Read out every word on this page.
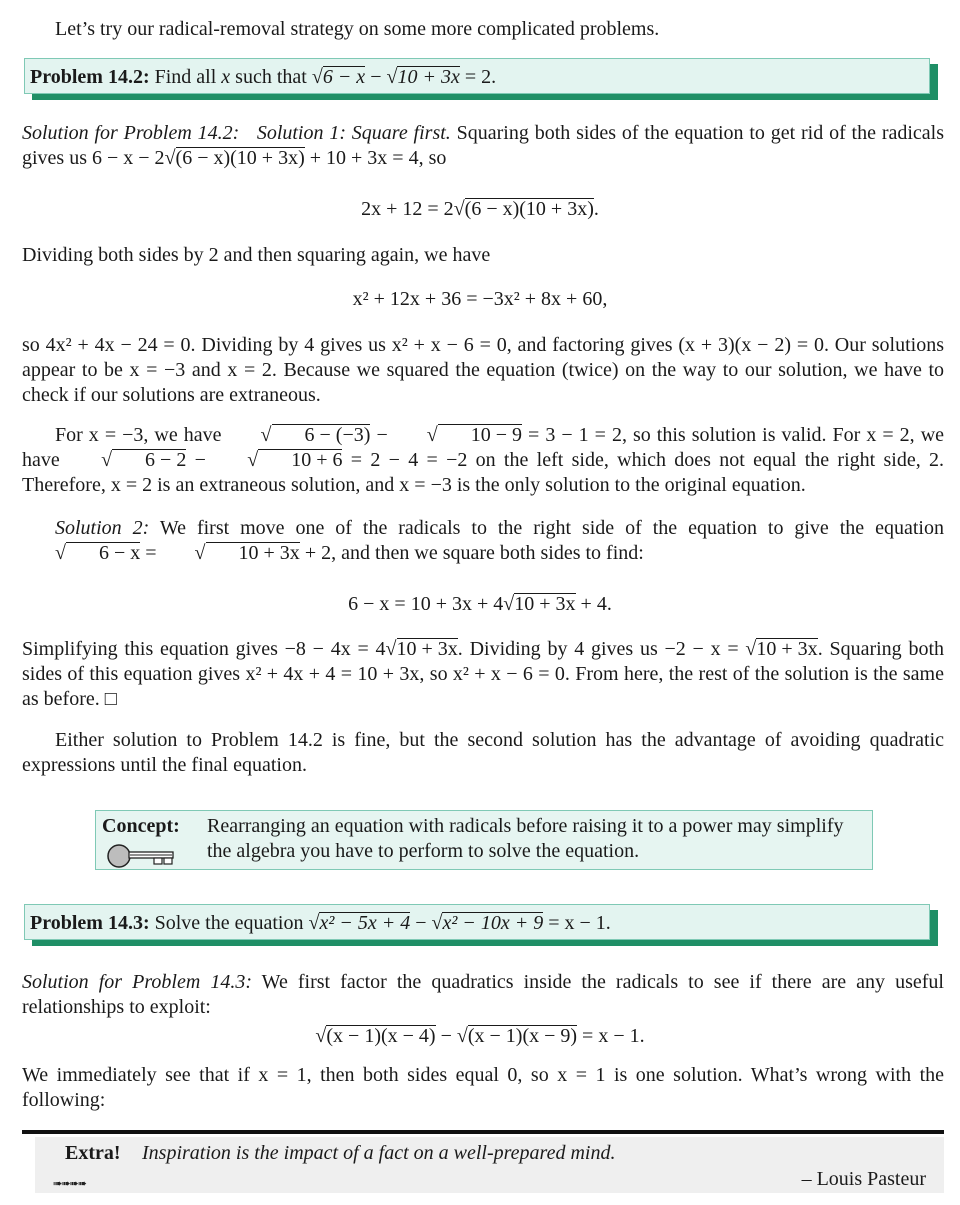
Let’s try our radical-removal strategy on some more complicated problems.
Problem 14.2: Find all x such that √6 − x − √10 + 3x = 2.
Solution for Problem 14.2: Solution 1: Square first. Squaring both sides of the equation to get rid of the radicals gives us 6 − x − 2√(6 − x)(10 + 3x) + 10 + 3x = 4, so
2x + 12 = 2√(6 − x)(10 + 3x).
Dividing both sides by 2 and then squaring again, we have
x² + 12x + 36 = −3x² + 8x + 60,
so 4x² + 4x − 24 = 0. Dividing by 4 gives us x² + x − 6 = 0, and factoring gives (x + 3)(x − 2) = 0. Our solutions appear to be x = −3 and x = 2. Because we squared the equation (twice) on the way to our solution, we have to check if our solutions are extraneous.
For x = −3, we have √ 6 − (−3) − √ 10 − 9 = 3 − 1 = 2, so this solution is valid. For x = 2, we have √ 6 − 2 − √ 10 + 6 = 2 − 4 = −2 on the left side, which does not equal the right side, 2. Therefore, x = 2 is an extraneous solution, and x = −3 is the only solution to the original equation.
Solution 2: We first move one of the radicals to the right side of the equation to give the equation √ 6 − x = √ 10 + 3x + 2, and then we square both sides to find:
6 − x = 10 + 3x + 4√10 + 3x + 4.
Simplifying this equation gives −8 − 4x = 4√10 + 3x. Dividing by 4 gives us −2 − x = √10 + 3x. Squaring both sides of this equation gives x² + 4x + 4 = 10 + 3x, so x² + x − 6 = 0. From here, the rest of the solution is the same as before. □
Either solution to Problem 14.2 is fine, but the second solution has the advantage of avoiding quadratic expressions until the final equation.
Concept: Rearranging an equation with radicals before raising it to a power may simplify the algebra you have to perform to solve the equation.
Problem 14.3: Solve the equation √x² − 5x + 4 − √x² − 10x + 9 = x − 1.
Solution for Problem 14.3: We first factor the quadratics inside the radicals to see if there are any useful relationships to exploit:
√(x − 1)(x − 4) − √(x − 1)(x − 9) = x − 1.
We immediately see that if x = 1, then both sides equal 0, so x = 1 is one solution. What’s wrong with the following:
Extra! Inspiration is the impact of a fact on a well-prepared mind.
➠➠➠➠	– Louis Pasteur
